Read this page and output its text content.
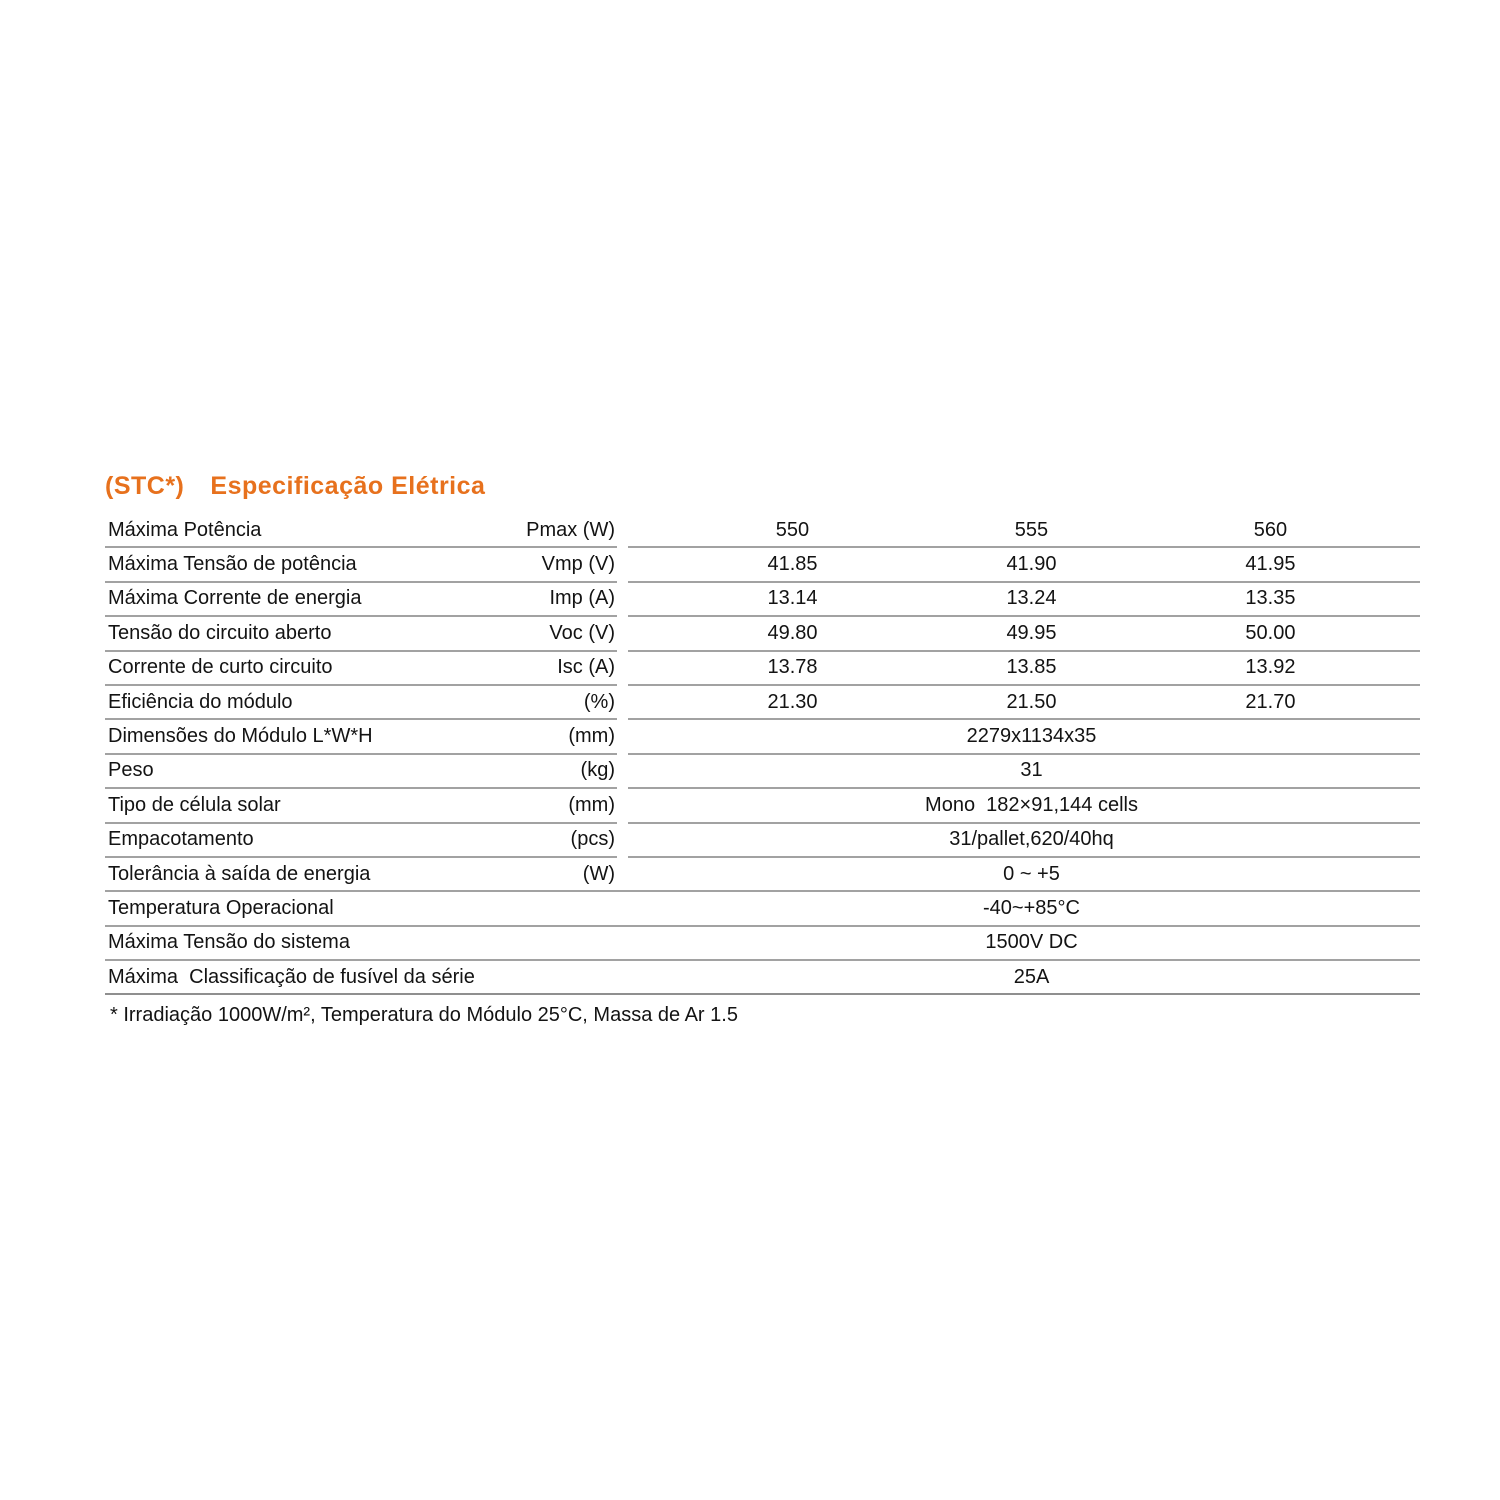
(STC*) Especificação Elétrica
Máxima Potência	Pmax (W)	550	555	560
Máxima Tensão de potência	Vmp (V)	41.85	41.90	41.95
Máxima Corrente de energia	Imp (A)	13.14	13.24	13.35
Tensão do circuito aberto	Voc (V)	49.80	49.95	50.00
Corrente de curto circuito	Isc (A)	13.78	13.85	13.92
Eficiência do módulo	(%)	21.30	21.50	21.70
Dimensões do Módulo L*W*H	(mm)	2279x1134x35
Peso	(kg)	31
Tipo de célula solar	(mm)	Mono  182×91,144 cells
Empacotamento	(pcs)	31/pallet,620/40hq
Tolerância à saída de energia	(W)	0 ~ +5
Temperatura Operacional	-40~+85°C
Máxima Tensão do sistema	1500V DC
Máxima  Classificação de fusível da série	25A
* Irradiação 1000W/m², Temperatura do Módulo 25°C, Massa de Ar 1.5
